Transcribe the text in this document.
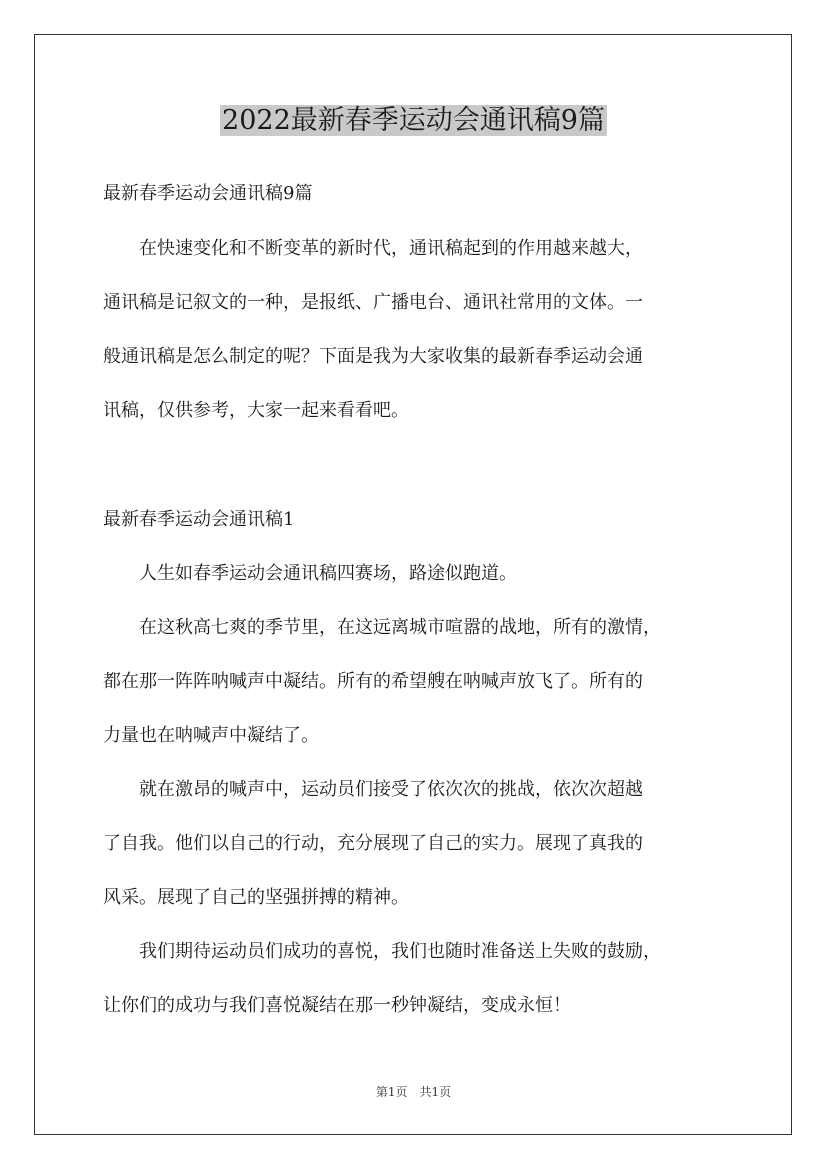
2022最新春季运动会通讯稿9篇

最新春季运动会通讯稿9篇

　　在快速变化和不断变革的新时代，通讯稿起到的作用越来越大，

通讯稿是记叙文的一种，是报纸、广播电台、通讯社常用的文体。一

般通讯稿是怎么制定的呢？下面是我为大家收集的最新春季运动会通

讯稿，仅供参考，大家一起来看看吧。

最新春季运动会通讯稿1

　　人生如春季运动会通讯稿四赛场，路途似跑道。

　　在这秋高七爽的季节里，在这远离城市喧嚣的战地，所有的激情，

都在那一阵阵呐喊声中凝结。所有的希望艘在呐喊声放飞了。所有的

力量也在呐喊声中凝结了。

　　就在激昂的喊声中，运动员们接受了依次次的挑战，依次次超越

了自我。他们以自己的行动，充分展现了自己的实力。展现了真我的

风采。展现了自己的坚强拼搏的精神。

　　我们期待运动员们成功的喜悦，我们也随时准备送上失败的鼓励，

让你们的成功与我们喜悦凝结在那一秒钟凝结，变成永恒！

第1页　共1页
